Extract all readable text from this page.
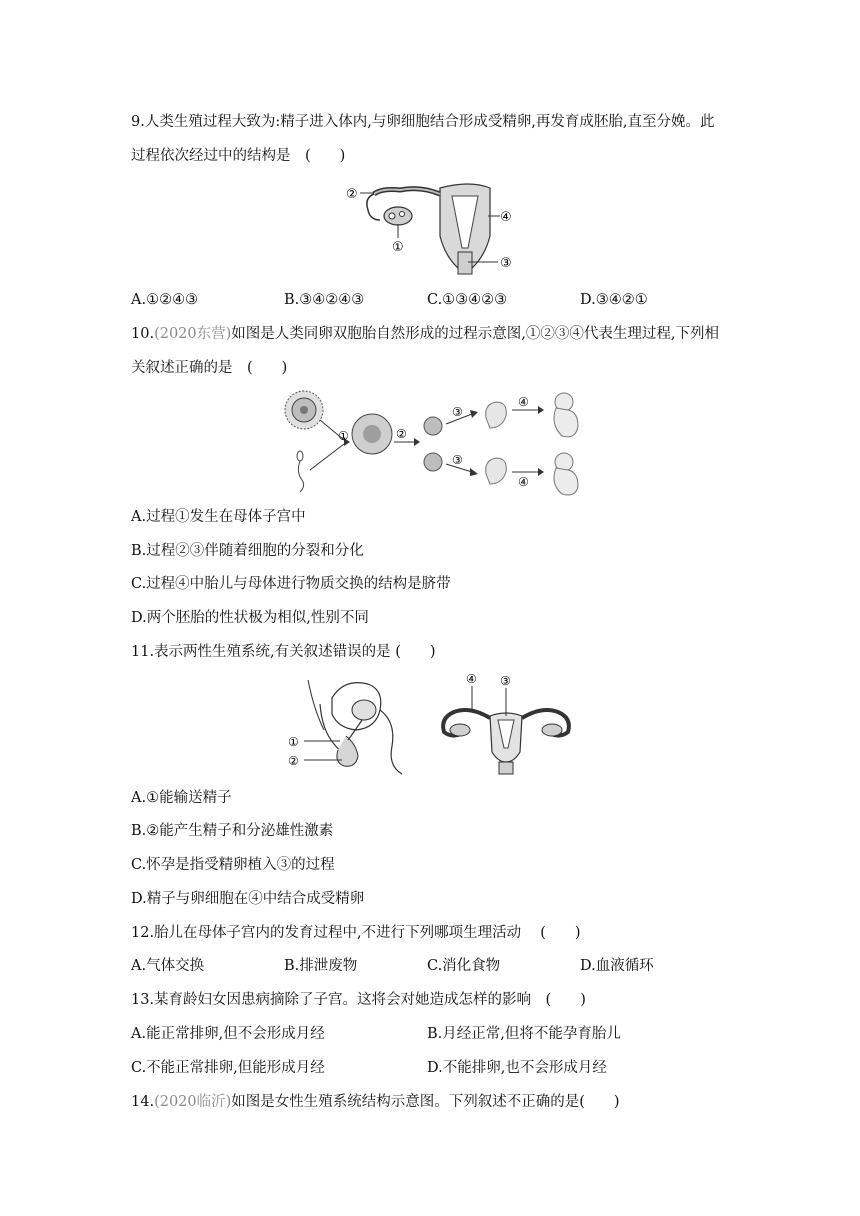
9.人类生殖过程大致为:精子进入体内,与卵细胞结合形成受精卵,再发育成胚胎,直至分娩。此
过程依次经过中的结构是　(　　)
②
④
①
③
A.①②④③	B.③④②④③	C.①③④②③	D.③④②①
10.(2020东营)如图是人类同卵双胞胎自然形成的过程示意图,①②③④代表生理过程,下列相
关叙述正确的是　(　　)
①	②
③
③
④
④
A.过程①发生在母体子宫中
B.过程②③伴随着细胞的分裂和分化
C.过程④中胎儿与母体进行物质交换的结构是脐带
D.两个胚胎的性状极为相似,性别不同
11.表示两性生殖系统,有关叙述错误的是 (　　)
①
②
④ ③
A.①能输送精子
B.②能产生精子和分泌雄性激素
C.怀孕是指受精卵植入③的过程
D.精子与卵细胞在④中结合成受精卵
12.胎儿在母体子宫内的发育过程中,不进行下列哪项生理活动　 (　　)
A.气体交换	B.排泄废物	C.消化食物	D.血液循环
13.某育龄妇女因患病摘除了子宫。这将会对她造成怎样的影响　(　　)
A.能正常排卵,但不会形成月经	B.月经正常,但将不能孕育胎儿
C.不能正常排卵,但能形成月经	D.不能排卵,也不会形成月经
14.(2020临沂)如图是女性生殖系统结构示意图。下列叙述不正确的是(　　)
